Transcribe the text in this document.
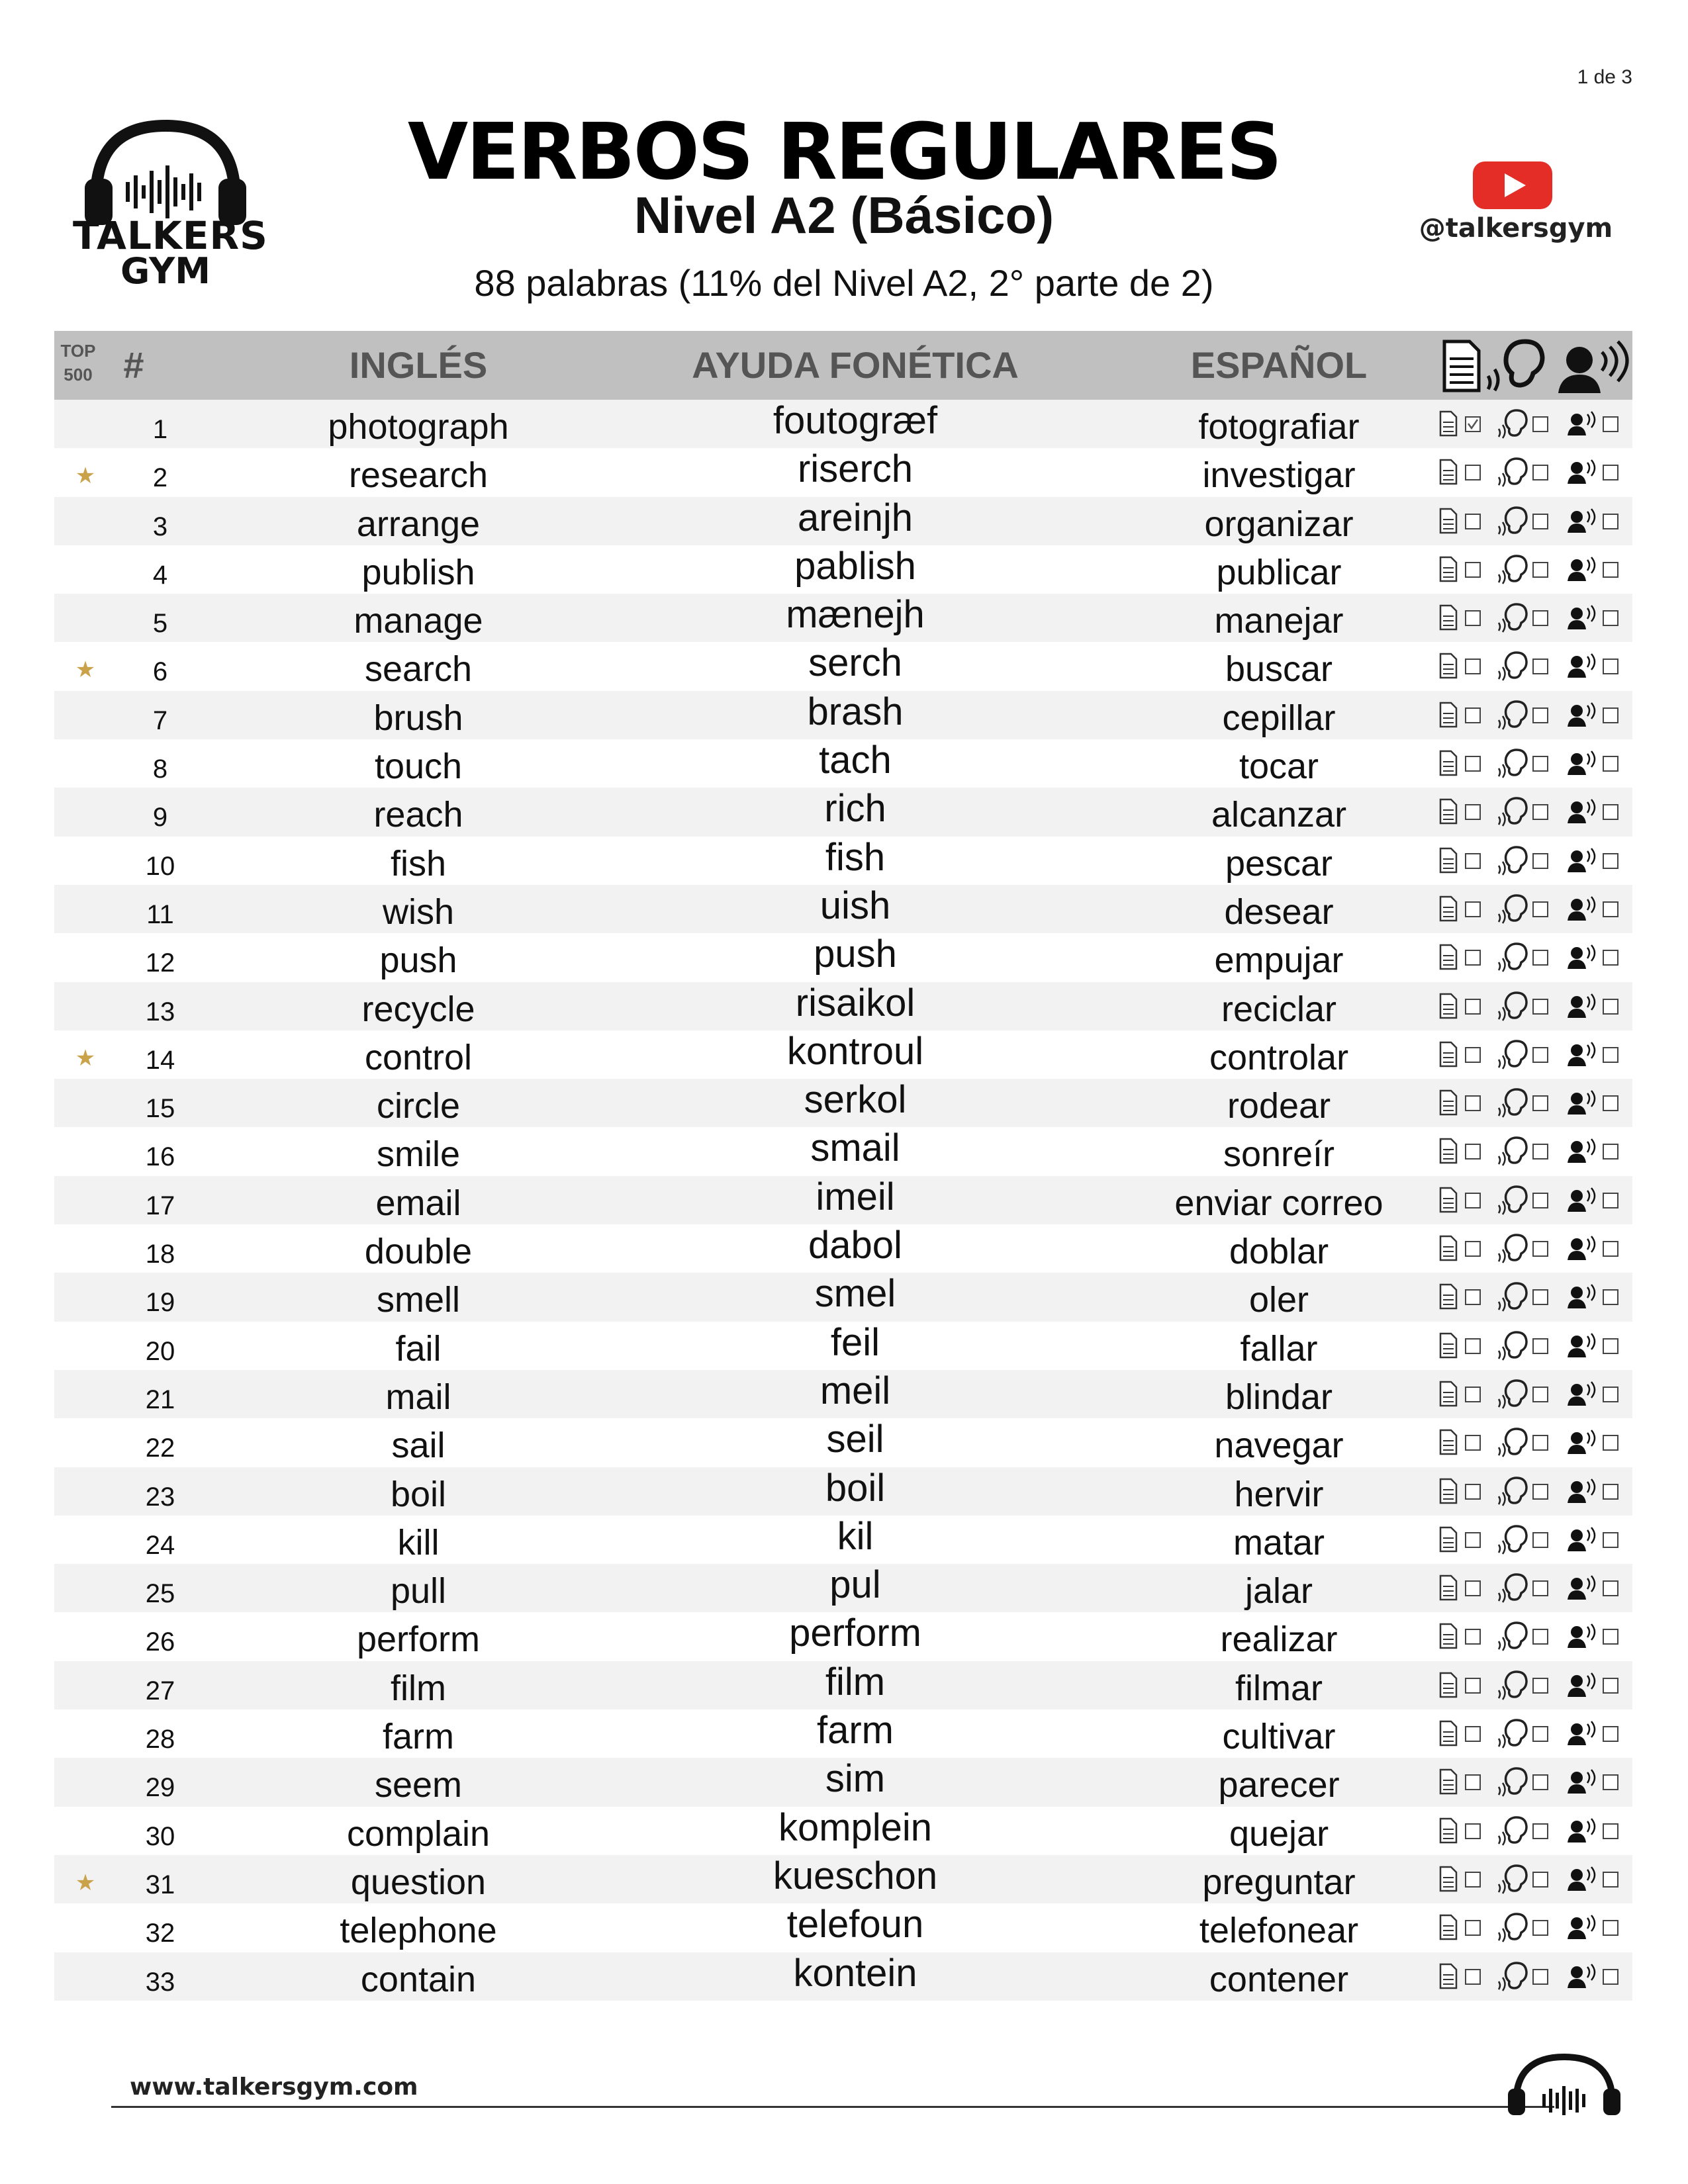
1 de 3
TALKERS
GYM
VERBOS REGULARES
Nivel A2 (Básico)
88 palabras (11% del Nivel A2, 2° parte de 2)
@talkersgym
TOP
500 #	INGLÉS	AYUDA FONÉTICA	ESPAÑOL
1	photograph	foutogræf	fotografiar
★	2	research	riserch	investigar
3	arrange	areinjh	organizar
4	publish	pablish	publicar
5	manage	mænejh	manejar
★	6	search	serch	buscar
7	brush	brash	cepillar
8	touch	tach	tocar
9	reach	rich	alcanzar
10	fish	fish	pescar
11	wish	uish	desear
12	push	push	empujar
13	recycle	risaikol	reciclar
★	14	control	kontroul	controlar
15	circle	serkol	rodear
16	smile	smail	sonreír
17	email	imeil	enviar correo
18	double	dabol	doblar
19	smell	smel	oler
20	fail	feil	fallar
21	mail	meil	blindar
22	sail	seil	navegar
23	boil	boil	hervir
24	kill	kil	matar
25	pull	pul	jalar
26	perform	perform	realizar
27	film	film	filmar
28	farm	farm	cultivar
29	seem	sim	parecer
30	complain	komplein	quejar
★	31	question	kueschon	preguntar
32	telephone	telefoun	telefonear
33	contain	kontein	contener
www.talkersgym.com
